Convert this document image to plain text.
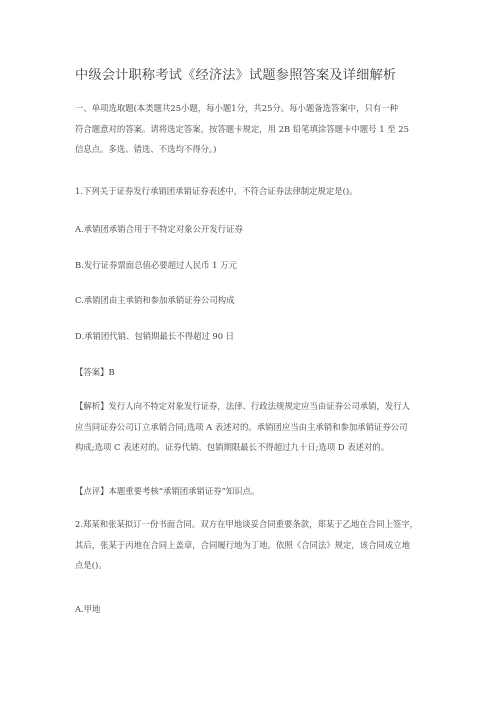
中级会计职称考试《经济法》试题参照答案及详细解析
一、单项选取题(本类题共25小题，每小题1分，共25分。每小题备选答案中，只有一种
符合题意对的答案。请将选定答案，按答题卡规定，用 2B 铅笔填涂答题卡中题号 1 至 25
信息点。多选、错选、不选均不得分。)
1.下列关于证券发行承销团承销证券表述中，不符合证券法律制定规定是()。
A.承销团承销合用于不特定对象公开发行证券
B.发行证券票面总值必要超过人民币 1 万元
C.承销团由主承销和参加承销证券公司构成
D.承销团代销、包销期最长不得超过 90 日
【答案】B
【解析】发行人向不特定对象发行证券，法律、行政法规规定应当由证券公司承销，发行人
应当同证券公司订立承销合同;选项 A 表述对的。承销团应当由主承销和参加承销证券公司
构成;选项 C 表述对的。证券代销、包销期限最长不得超过九十日;选项 D 表述对的。
【点评】本题重要考核“承销团承销证券”知识点。
2.郑某和张某拟订一份书面合同。双方在甲地谈妥合同重要条款，郑某于乙地在合同上签字，
其后，张某于丙地在合同上盖章，合同履行地为丁地。依照《合同法》规定，该合同成立地
点是()。
A.甲地
